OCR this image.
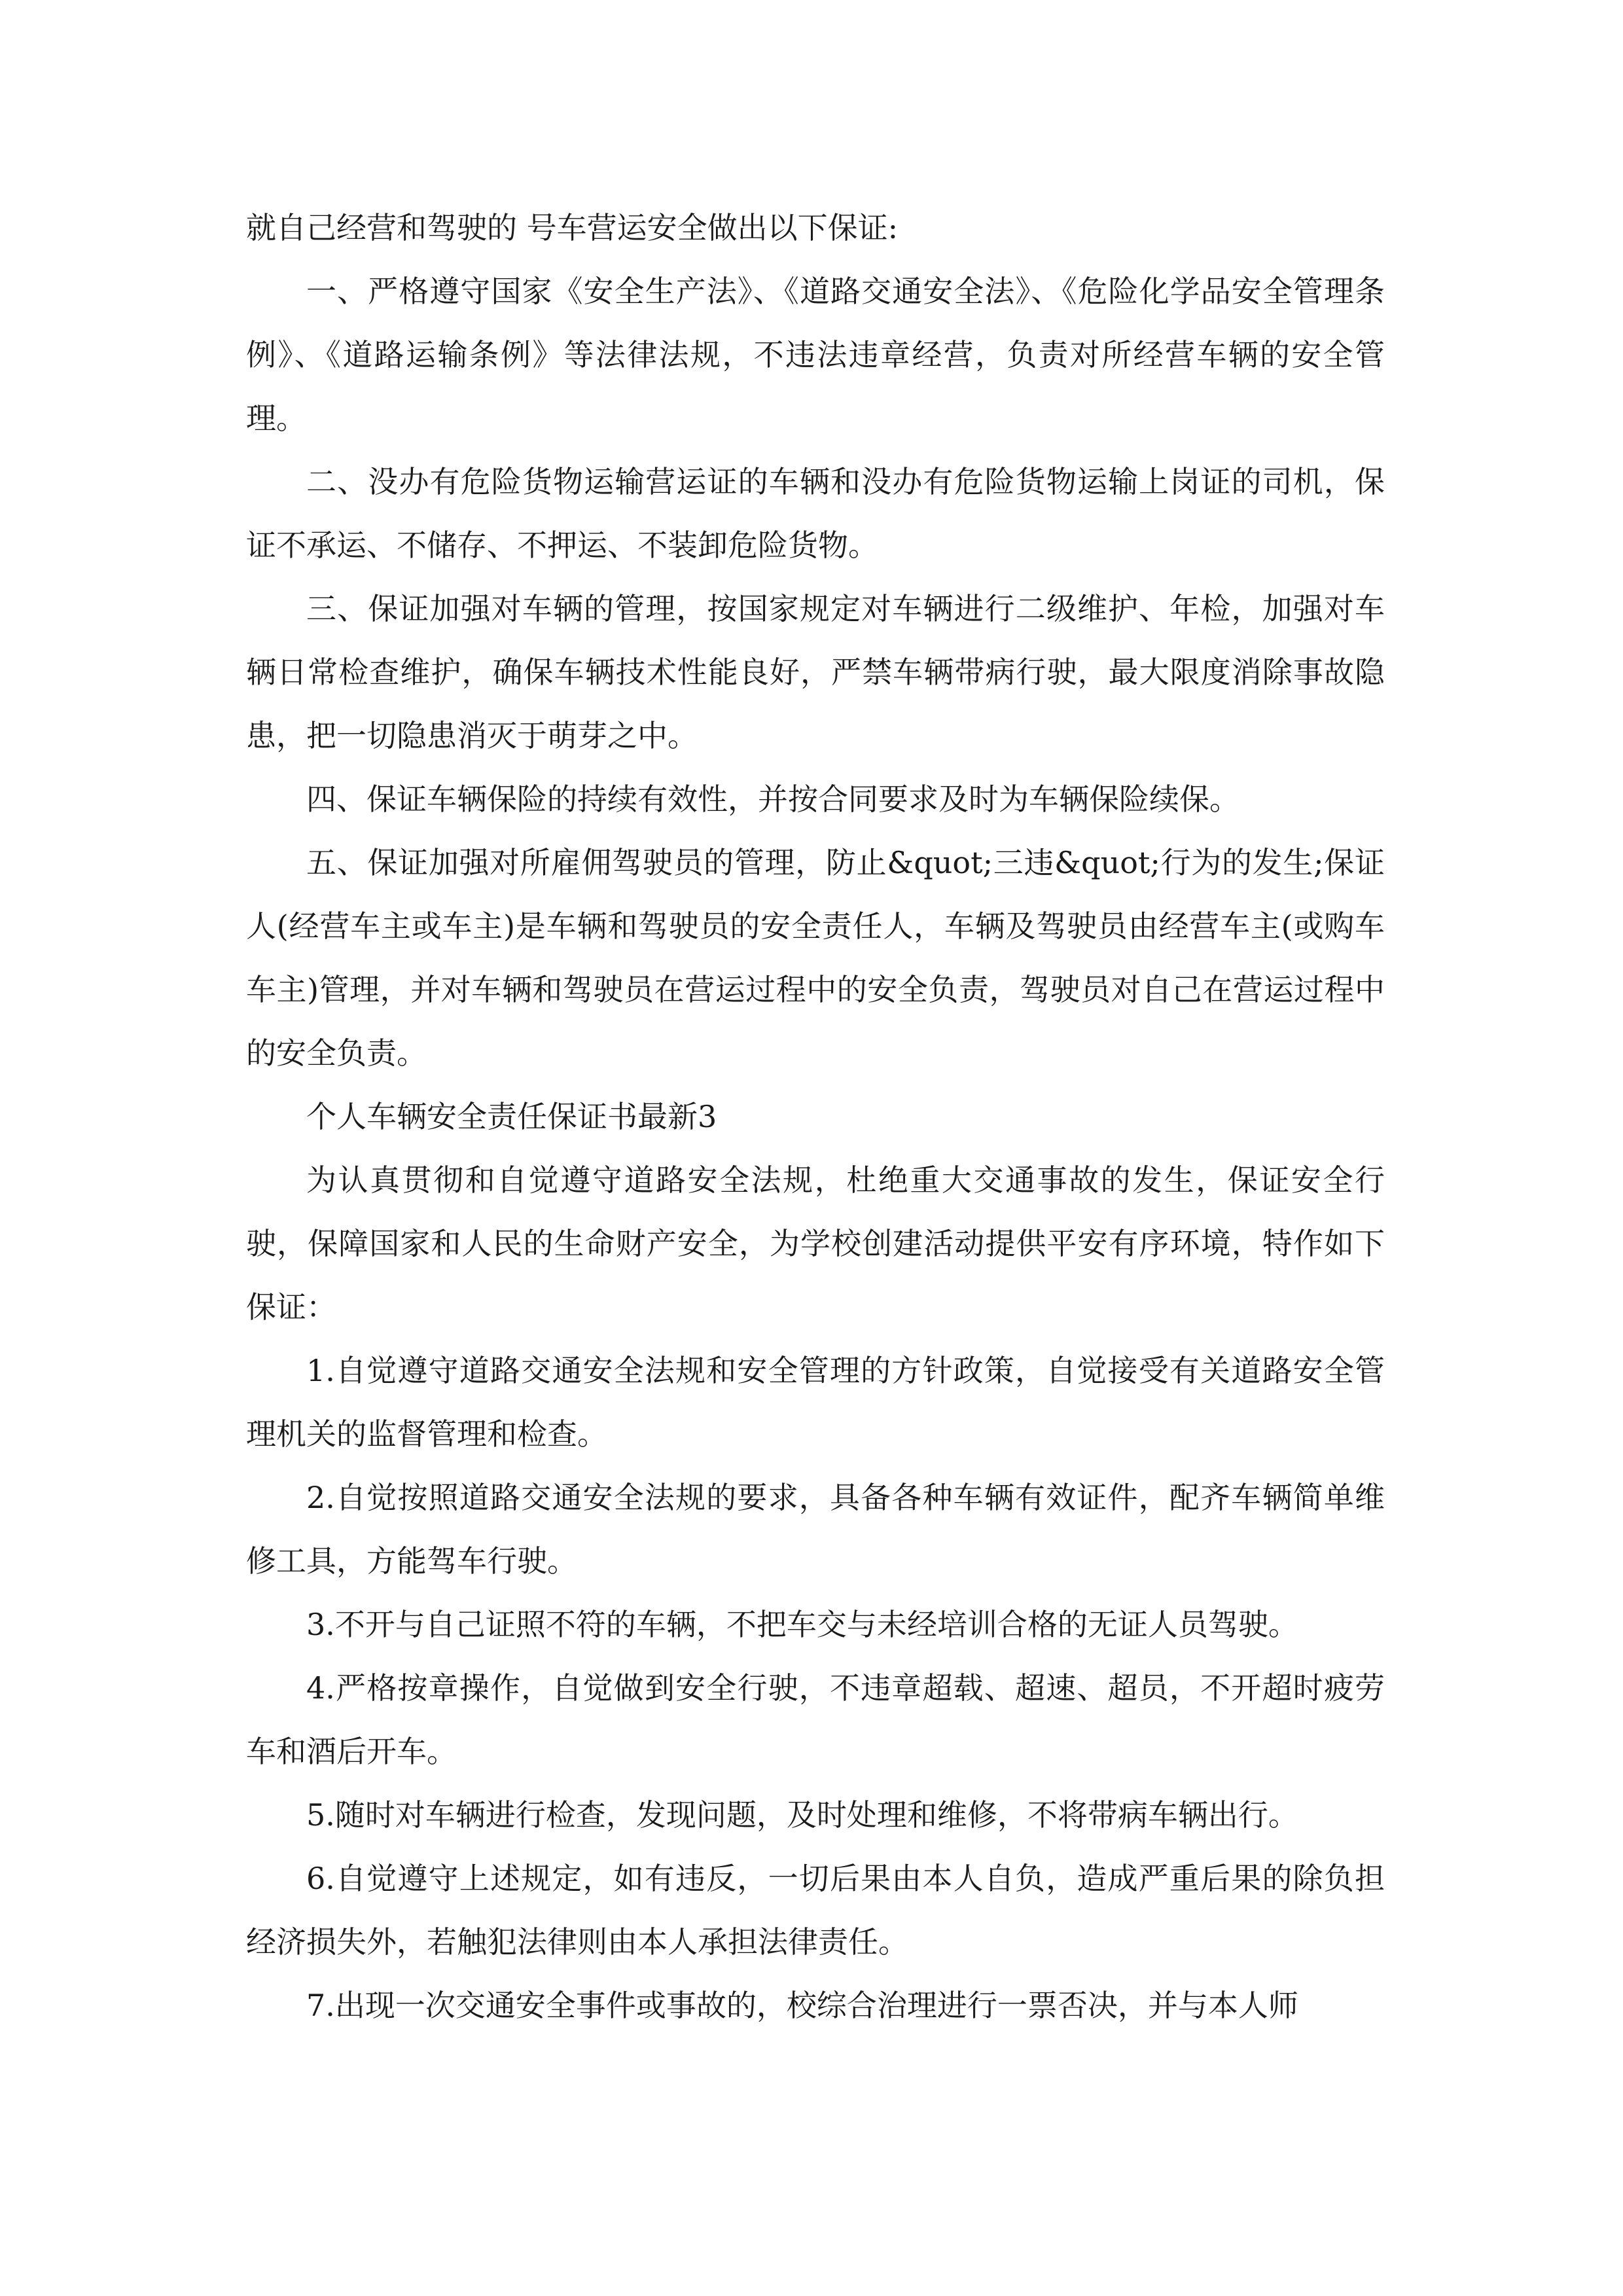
就自己经营和驾驶的 号车营运安全做出以下保证:

一、严格遵守国家《安全生产法》、《道路交通安全法》、《危险化学品安全管理条例》、《道路运输条例》等法律法规，不违法违章经营，负责对所经营车辆的安全管理。

二、没办有危险货物运输营运证的车辆和没办有危险货物运输上岗证的司机，保证不承运、不储存、不押运、不装卸危险货物。

三、保证加强对车辆的管理，按国家规定对车辆进行二级维护、年检，加强对车辆日常检查维护，确保车辆技术性能良好，严禁车辆带病行驶，最大限度消除事故隐患，把一切隐患消灭于萌芽之中。

四、保证车辆保险的持续有效性，并按合同要求及时为车辆保险续保。

五、保证加强对所雇佣驾驶员的管理，防止&quot;三违&quot;行为的发生;保证人(经营车主或车主)是车辆和驾驶员的安全责任人，车辆及驾驶员由经营车主(或购车车主)管理，并对车辆和驾驶员在营运过程中的安全负责，驾驶员对自己在营运过程中的安全负责。

个人车辆安全责任保证书最新3

为认真贯彻和自觉遵守道路安全法规，杜绝重大交通事故的发生，保证安全行驶，保障国家和人民的生命财产安全，为学校创建活动提供平安有序环境，特作如下保证：

1.自觉遵守道路交通安全法规和安全管理的方针政策，自觉接受有关道路安全管理机关的监督管理和检查。

2.自觉按照道路交通安全法规的要求，具备各种车辆有效证件，配齐车辆简单维修工具，方能驾车行驶。

3.不开与自己证照不符的车辆，不把车交与未经培训合格的无证人员驾驶。

4.严格按章操作，自觉做到安全行驶，不违章超载、超速、超员，不开超时疲劳车和酒后开车。

5.随时对车辆进行检查，发现问题，及时处理和维修，不将带病车辆出行。

6.自觉遵守上述规定，如有违反，一切后果由本人自负，造成严重后果的除负担经济损失外，若触犯法律则由本人承担法律责任。

7.出现一次交通安全事件或事故的，校综合治理进行一票否决，并与本人师
